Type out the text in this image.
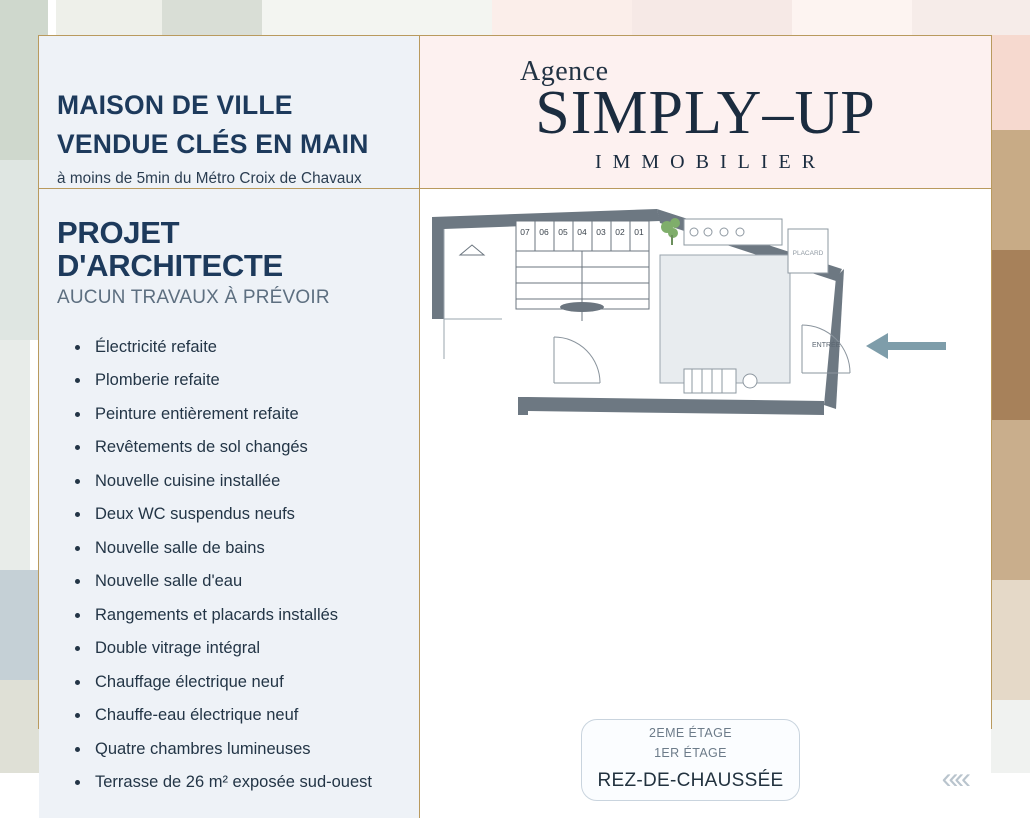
MAISON DE VILLE
VENDUE CLÉS EN MAIN
à moins de 5min du Métro Croix de Chavaux
Agence
SIMPLY–UP
IMMOBILIER
PROJET D'ARCHITECTE
AUCUN TRAVAUX À PRÉVOIR
Électricité refaite
Plomberie refaite
Peinture entièrement refaite
Revêtements de sol changés
Nouvelle cuisine installée
Deux WC suspendus neufs
Nouvelle salle de bains
Nouvelle salle d'eau
Rangements et placards installés
Double vitrage intégral
Chauffage électrique neuf
Chauffe-eau électrique neuf
Quatre chambres lumineuses
Terrasse de 26 m² exposée sud-ouest
07 06 05 04 03 02 01
PLACARD
ENTRÉE
2EME ÉTAGE
1ER ÉTAGE
REZ-DE-CHAUSSÉE	««
